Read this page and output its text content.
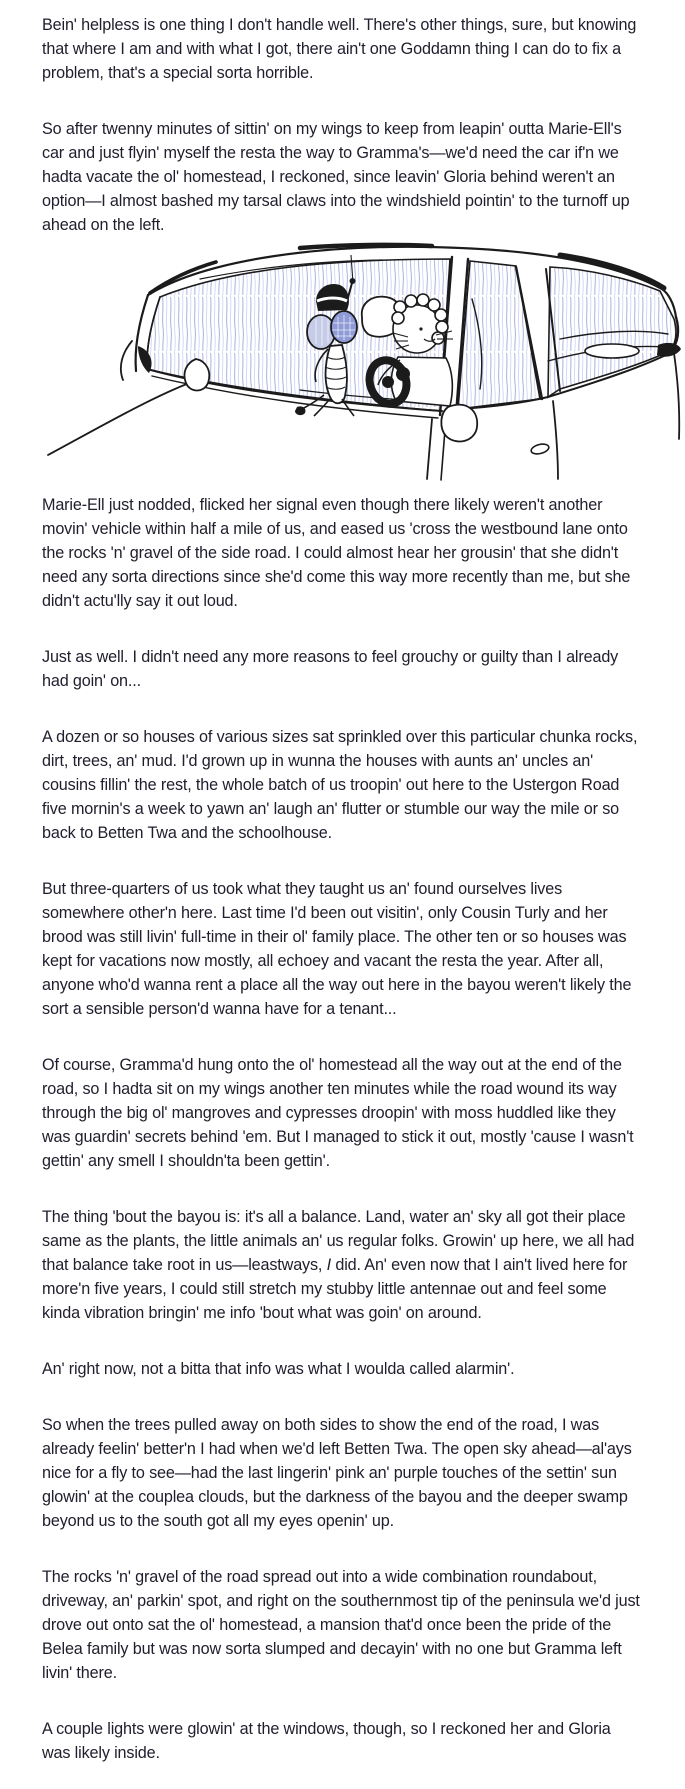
Bein' helpless is one thing I don't handle well. There's other things, sure, but knowing that where I am and with what I got, there ain't one Goddamn thing I can do to fix a problem, that's a special sorta horrible.

So after twenny minutes of sittin' on my wings to keep from leapin' outta Marie-Ell's car and just flyin' myself the resta the way to Gramma's—we'd need the car if'n we hadta vacate the ol' homestead, I reckoned, since leavin' Gloria behind weren't an option—I almost bashed my tarsal claws into the windshield pointin' to the turnoff up ahead on the left.

Marie-Ell just nodded, flicked her signal even though there likely weren't another movin' vehicle within half a mile of us, and eased us 'cross the westbound lane onto the rocks 'n' gravel of the side road. I could almost hear her grousin' that she didn't need any sorta directions since she'd come this way more recently than me, but she didn't actu'lly say it out loud.

Just as well. I didn't need any more reasons to feel grouchy or guilty than I already had goin' on...

A dozen or so houses of various sizes sat sprinkled over this particular chunka rocks, dirt, trees, an' mud. I'd grown up in wunna the houses with aunts an' uncles an' cousins fillin' the rest, the whole batch of us troopin' out here to the Ustergon Road five mornin's a week to yawn an' laugh an' flutter or stumble our way the mile or so back to Betten Twa and the schoolhouse.

But three-quarters of us took what they taught us an' found ourselves lives somewhere other'n here. Last time I'd been out visitin', only Cousin Turly and her brood was still livin' full-time in their ol' family place. The other ten or so houses was kept for vacations now mostly, all echoey and vacant the resta the year. After all, anyone who'd wanna rent a place all the way out here in the bayou weren't likely the sort a sensible person'd wanna have for a tenant...

Of course, Gramma'd hung onto the ol' homestead all the way out at the end of the road, so I hadta sit on my wings another ten minutes while the road wound its way through the big ol' mangroves and cypresses droopin' with moss huddled like they was guardin' secrets behind 'em. But I managed to stick it out, mostly 'cause I wasn't gettin' any smell I shouldn'ta been gettin'.

The thing 'bout the bayou is: it's all a balance. Land, water an' sky all got their place same as the plants, the little animals an' us regular folks. Growin' up here, we all had that balance take root in us—leastways, I did. An' even now that I ain't lived here for more'n five years, I could still stretch my stubby little antennae out and feel some kinda vibration bringin' me info 'bout what was goin' on around.

An' right now, not a bitta that info was what I woulda called alarmin'.

So when the trees pulled away on both sides to show the end of the road, I was already feelin' better'n I had when we'd left Betten Twa. The open sky ahead—al'ays nice for a fly to see—had the last lingerin' pink an' purple touches of the settin' sun glowin' at the couplea clouds, but the darkness of the bayou and the deeper swamp beyond us to the south got all my eyes openin' up.

The rocks 'n' gravel of the road spread out into a wide combination roundabout, driveway, an' parkin' spot, and right on the southernmost tip of the peninsula we'd just drove out onto sat the ol' homestead, a mansion that'd once been the pride of the Belea family but was now sorta slumped and decayin' with no one but Gramma left livin' there.

A couple lights were glowin' at the windows, though, so I reckoned her and Gloria was likely inside.
